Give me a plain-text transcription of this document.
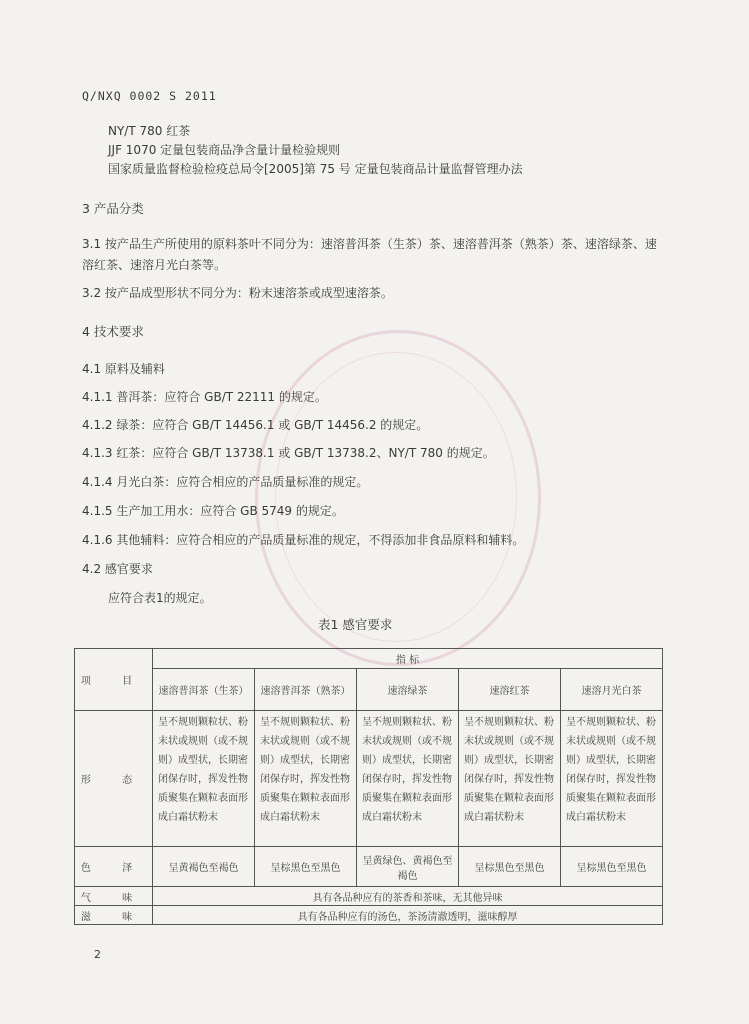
Q/NXQ 0002 S 2011
NY/T 780 红茶
JJF 1070 定量包装商品净含量计量检验规则
国家质量监督检验检疫总局令[2005]第 75 号 定量包装商品计量监督管理办法
3 产品分类
3.1 按产品生产所使用的原料茶叶不同分为：速溶普洱茶（生茶）茶、速溶普洱茶（熟茶）茶、速溶绿茶、速溶红茶、速溶月光白茶等。
3.2 按产品成型形状不同分为：粉末速溶茶或成型速溶茶。
4 技术要求
4.1 原料及辅料
4.1.1 普洱茶：应符合 GB/T 22111 的规定。
4.1.2 绿茶：应符合 GB/T 14456.1 或 GB/T 14456.2 的规定。
4.1.3 红茶：应符合 GB/T 13738.1 或 GB/T 13738.2、NY/T 780 的规定。
4.1.4 月光白茶：应符合相应的产品质量标准的规定。
4.1.5 生产加工用水：应符合 GB 5749 的规定。
4.1.6 其他辅料：应符合相应的产品质量标准的规定，不得添加非食品原料和辅料。
4.2 感官要求
应符合表1的规定。
表1 感官要求
项 目	指 标				
	速溶普洱茶（生茶）	速溶普洱茶（熟茶）	速溶绿茶	速溶红茶	速溶月光白茶
形 态	呈不规则颗粒状、粉末状或规则（或不规则）成型状，长期密闭保存时，挥发性物质聚集在颗粒表面形成白霜状粉末	呈不规则颗粒状、粉末状或规则（或不规则）成型状，长期密闭保存时，挥发性物质聚集在颗粒表面形成白霜状粉末	呈不规则颗粒状、粉末状或规则（或不规则）成型状，长期密闭保存时，挥发性物质聚集在颗粒表面形成白霜状粉末	呈不规则颗粒状、粉末状或规则（或不规则）成型状，长期密闭保存时，挥发性物质聚集在颗粒表面形成白霜状粉末	呈不规则颗粒状、粉末状或规则（或不规则）成型状，长期密闭保存时，挥发性物质聚集在颗粒表面形成白霜状粉末
色 泽	呈黄褐色至褐色	呈棕黑色至黑色	呈黄绿色、黄褐色至褐色	呈棕黑色至黑色	呈棕黑色至黑色
气 味	具有各品种应有的茶香和茶味，无其他异味				
滋 味	具有各品种应有的汤色，茶汤清澈透明，滋味醇厚				
2
